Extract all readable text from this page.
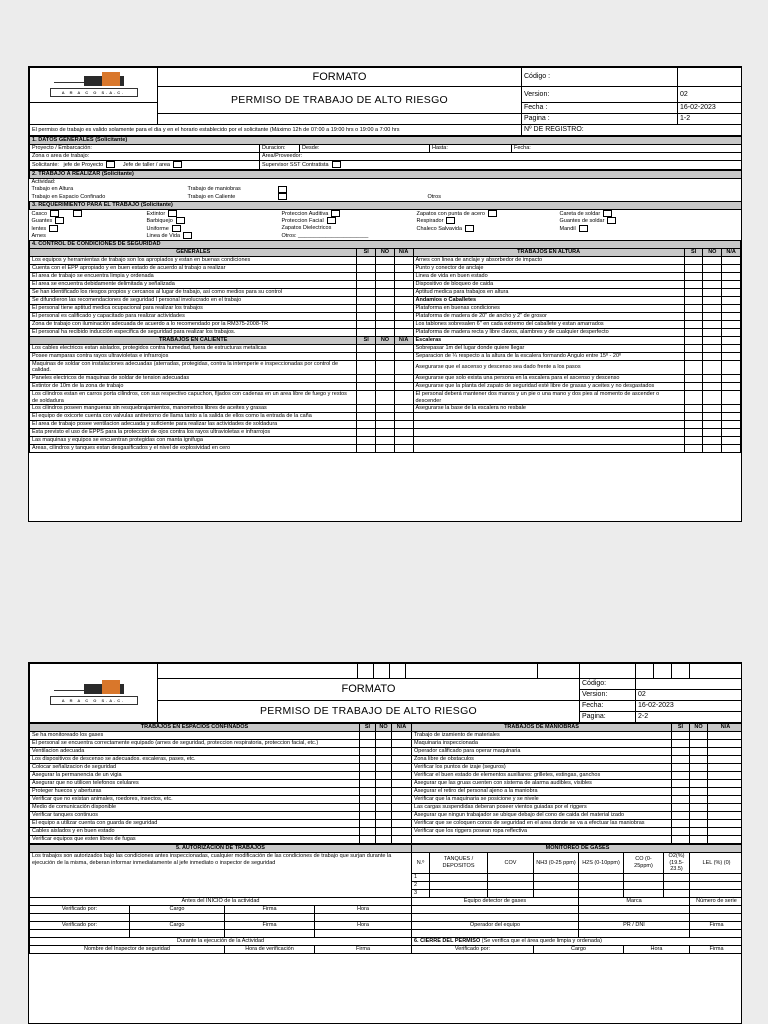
A R A C O S.A.C.	FORMATO	Código :	
	PERMISO DE TRABAJO DE ALTO RIESGO	Version:	02
		Fecha :	16-02-2023
		Pagina :	1-2
El permiso de trabajo es valido solamente para el dia y en el horario establecido por el solicitante (Máximo 12h de 07:00 a 19:00 hrs o 19:00 a 7:00 hrs		Nº DE REGISTRO:	
1. DATOS GENERALES (Solicitante)				
Proyecto / Embarcación:	Duracion:	Desde:	Hasta:	Fecha:
Zona o area de trabajo:	Area/Proveedor:			
Solicitante: jefe de Proyecto Jefe de taller / area	Supervisor SST Contratista			
2. TRABAJO A REALIZAR (Solicitante)			
Actividad:			
Trabajo en Altura	Trabajo de maniobras		
Trabajo en Espacio Confinado	Trabajo en Caliente		Otros
3. REQUERIMIENTO PARA EL TRABAJO (Solicitante)				
Casco	Extintor	Proteccion Auditiva	Zapatos con punta de acero	Careta de soldar
Guantes	Barbiquejo	Proteccion Facial	Respirador	Guantes de soldar
lentes	Uniforme	Zapatos Dielectricos	Chaleco Salvavida	Mandil
Arnes	Linea de Vida	Otros: _______________________		
4. CONTROL DE CONDICIONES DE SEGURIDAD							
GENERALES	SI	NO	N/A	TRABAJOS EN ALTURA	SI	NO	N/A
Los equipos y herramientas de trabajo son los apropiados y estan en buenas condiciones				Arnes con linea de anclaje y absorbedor de impacto			
Cuenta con el EPP apropiado y en buen estado de acuerdo al trabajo a realizar				Punto y conector de anclaje			
El area de trabajo se encuentra limpia y ordenada				Linea de vida en buen estado			
El area se encuentra debidamente delimitada y señalizada				Dispositivo de bloqueo de caida			
Se han identificado los riesgos propios y cercanos al lugar de trabajo, asi como medios para su control				Aptitud medica para trabajos en altura			
Se difundieron las recomendaciones de seguridad l personal involucrado en el trabajo				Andamios o Caballetes			
El personal tiene aptitud medica ocupacional para realizar los trabajos				Plataforma en buenas condiciones			
El personal es calificado y capacitado para realizar actividades				Plataforma de madera de 20" de ancho y 2" de grosor			
Zona de trabajo con iluminación adecuada de acuerdo a lo recomendado por la RM375-2008-TR				Los tablones sobresalen 6" en cada extremo del caballete y estan amarrados			
El personal ha recibido inducción especifica de seguridad para realizar los trabajos.				Plataforma de madera recta y libre clavos, alambres y de cualquier desperfecto			
TRABAJOS EN CALIENTE	SI	NO	N/A	Escaleras			
Los cables electricos estan aislados, protegidos contra humedad, fuera de estructuras metalicas				Sobrepasar 1m del lugar donde quiere llegar			
Posee mamparas contra rayos ultravioletas e infrarrojos				Separacion de ¼ respecto a la altura de la escalera formando Angulo entre 15º - 20º			
Maquinas de soldar con instalaciones adecuadas (aterradas, protegidas, contra la intemperie e inspeccionadas por control de calidad.				Asegurarse que el ascenso y descenso sea dado frente a los pasos			
Paneles electricos de maquinas de soldar de tension adecuadas				Asegurarse que solo exista una persona en la escalera para el ascenso y descenso			
Extintor de 10m de la zona de trabajo				Asegurarse que la planta del zapato de seguridad esté libre de grasas y aceites y no desgastados			
Los cilindros estan en carros porta cilindros, con sus respectivo capuchon, fijados con cadenas en un area libre de fuego y restos de soldadura				El personal deberá mantener dos manos y un pie o una mano y dos pies al momento de ascender o descender			
Los cilindros poseen mangueras sin resquebrajamientos, manometros libres de aceites y grasas				Asegurarse la base de la escalera no resbale			
El equipo de oxicorte cuenta con valvulas antiretorno de llama tanto a la salida de ellos como la entrada de la caña							
El area de trabajo posee ventilacion adecuada y suficiente para realizar las actividades de soldadura							
Esta previsto el uso de EPPS para la proteccion de ojos contra los rayos ultravioletas e infrarrojos							
Las maquinas y equipos se encuentran protegidas con manta ignifuga							
Areas, cilindros y tanques estan desgasificados y el nivel de explosividad en cero							
A R A C O S.A.C.											

	FORMATO						Código:				
							Version:	02			
	PERMISO DE TRABAJO DE ALTO RIESGO						Fecha:	16-02-2023			
							Pagina:	2-2			
TRABAJOS EN ESPACIOS CONFINADOS	SI	NO	N/A	TRABAJOS DE MANIOBRAS	SI	NO	N/A
Se ha monitoreado los gases				Trabajo de izamiento de materiales			
El personal se encuentra correctamente equipado (arnes de seguridad, proteccion respiratoria, proteccion facial, etc.)				Maquinaria inspeccionada			
Ventilacion adecuada				Operador calificado para operar maquinaria			
Los dispositivos de descenso se adecuados. escaleras, pases, etc.				Zona libre de obstaculos			
Colocar señalizacion de seguridad				Verificar los puntos de izaje (seguros)			
Asegurar la permanencia de un vigia				Verificar el buen estado de elementos auxiliares: grilletes, estingas, ganchos			
Asegurar que no utilicen telefonos celulares				Asegurar que las gruas cuenten con sistema de alarma audibles, visibles			
Proteger huecos y aberturas				Asegurar el retiro del personal ajeno a la maniobra			
Verificar que no existan animales, roedores, insectos, etc.				Verificar que la maquinaria se posicione y se nivele			
Medio de comunicación disponible				Las cargas suspendidas deberan poseer vientos guiadas por el riggers			
Verificar tanques continuos				Asegurar que ningun trabajador se ubique debajo del cono de caida del material izado			
El equipo a utilizar cuenta con guarda de seguridad				Verificar que se coloquen conos de seguridad en el area donde se va a efectuar las maniobras			
Cables aislados y en buen estado				Verificar que los riggers posean ropa reflectiva			
Verificar equipos que esten libres de fugas							
5. AUTORIZACION DE TRABAJOS				MONITOREO DE GASES							
Los trabajos son autorizados bajo las condiciones antes inspeccionadas, cualquier modificación de las condiciones de trabajo que surjan durante la ejecución de la misma, deberan informar inmediatamente al jefe inmediato o inspector de seguridad				N.º	TANQUES / DEPOSITOS	COV	NH3 (0-25 ppm)	H2S (0-10ppm)	CO (0-25ppm)	O2(%) (19.5-23.5)	LEL (%) (0)
				1							
				2							
				3							
Antes del INICIO de la actividad				Equipo detector de gases				Marca			Número de serie
Verificado por:	Cargo	Firma	Hora								

Verificado por:	Cargo	Firma	Hora	Operador del equipo				PR / DNI			Firma

Durante la ejecución de la Actividad				6. CIERRE DEL PERMISO (Se verifica que el área quede limpia y ordenada)							
Nombre del Inspector de seguridad		Hora de verificación	Firma	Verificado por:			Cargo		Hora		Firma
